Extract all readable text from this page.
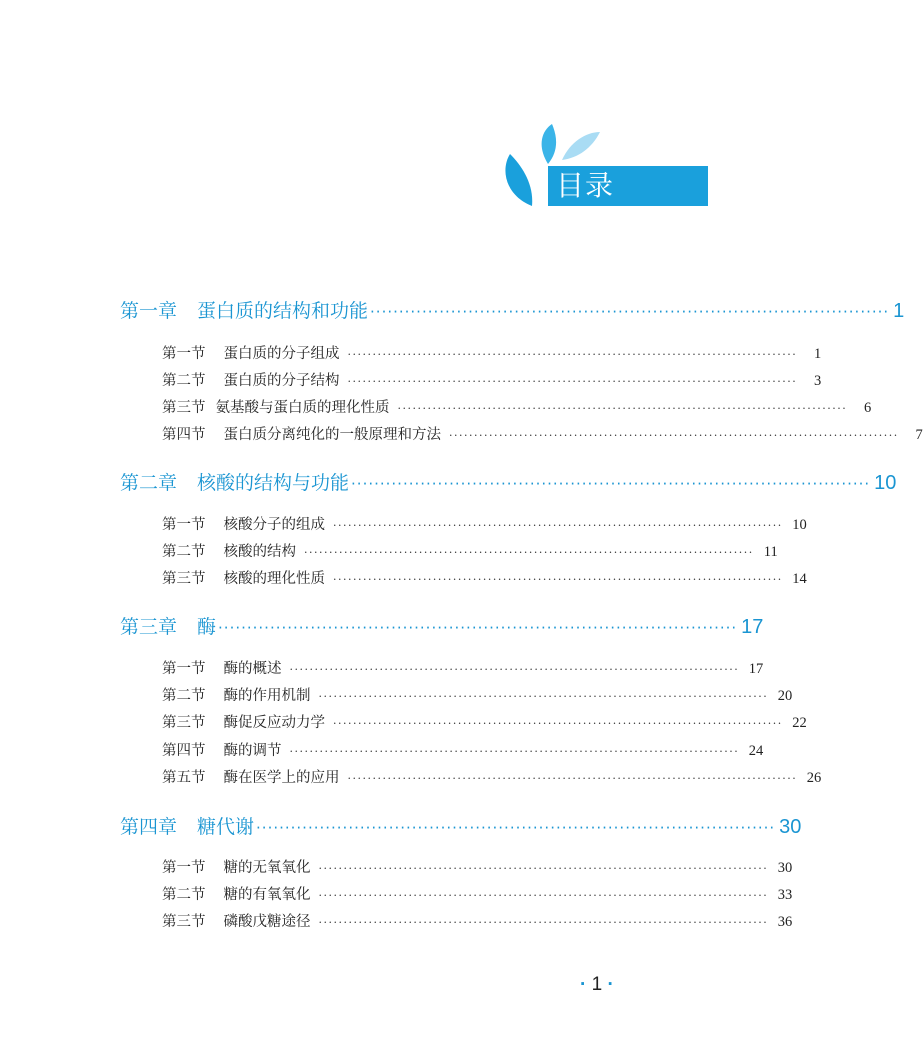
目录
第一章 蛋白质的结构和功能 ·························································································· 1
第一节 蛋白质的分子组成 ··························································································	1
第二节 蛋白质的分子结构 ··························································································	3
第三节 氨基酸与蛋白质的理化性质 ··························································································	6
第四节 蛋白质分离纯化的一般原理和方法 ··························································································	7
第二章 核酸的结构与功能 ·························································································· 10
第一节 核酸分子的组成 ·························································································· 10
第二节 核酸的结构 ·························································································· 11
第三节 核酸的理化性质 ·························································································· 14
第三章 酶 ·························································································· 17
第一节 酶的概述 ·························································································· 17
第二节 酶的作用机制 ·························································································· 20
第三节 酶促反应动力学 ·························································································· 22
第四节 酶的调节 ·························································································· 24
第五节 酶在医学上的应用 ·························································································· 26
第四章 糖代谢 ·························································································· 30
第一节 糖的无氧氧化 ·························································································· 30
第二节 糖的有氧氧化 ·························································································· 33
第三节 磷酸戊糖途径 ·························································································· 36
· 1 ·
